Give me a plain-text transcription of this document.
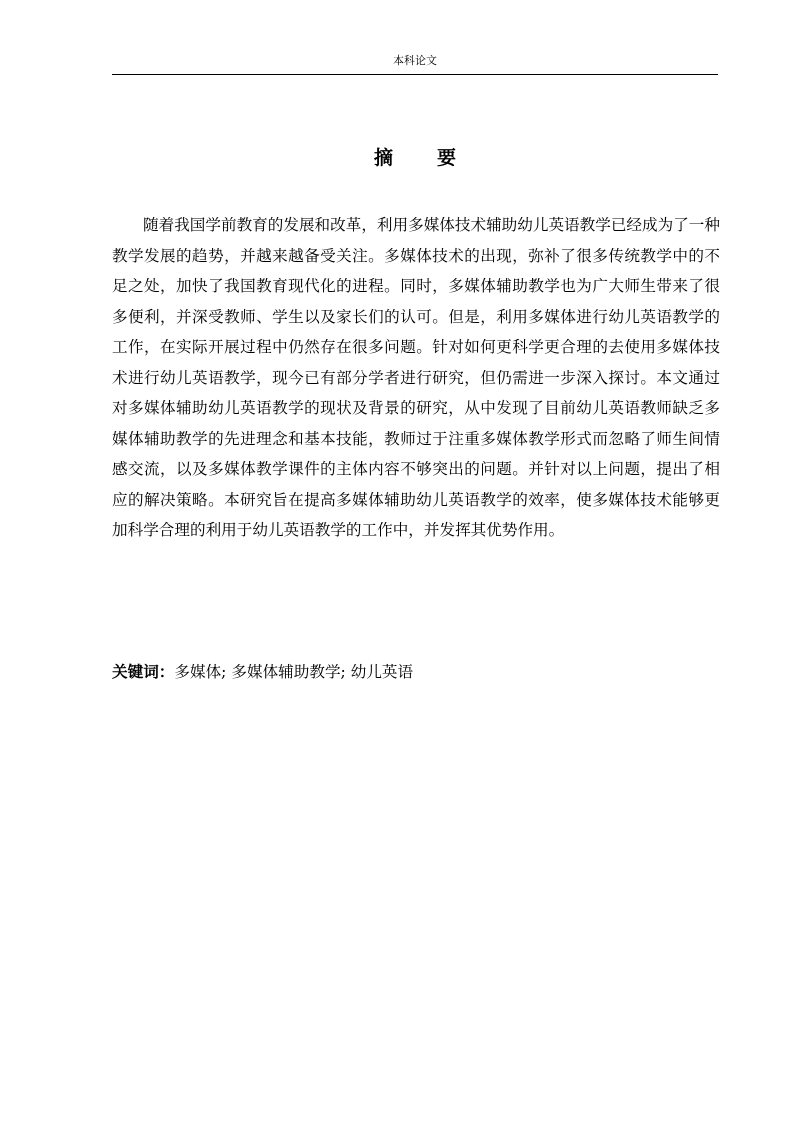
本科论文
摘 要

随着我国学前教育的发展和改革，利用多媒体技术辅助幼儿英语教学已经成为了一种教学发展的趋势，并越来越备受关注。多媒体技术的出现，弥补了很多传统教学中的不足之处，加快了我国教育现代化的进程。同时，多媒体辅助教学也为广大师生带来了很多便利，并深受教师、学生以及家长们的认可。但是，利用多媒体进行幼儿英语教学的工作，在实际开展过程中仍然存在很多问题。针对如何更科学更合理的去使用多媒体技术进行幼儿英语教学，现今已有部分学者进行研究，但仍需进一步深入探讨。本文通过对多媒体辅助幼儿英语教学的现状及背景的研究，从中发现了目前幼儿英语教师缺乏多媒体辅助教学的先进理念和基本技能，教师过于注重多媒体教学形式而忽略了师生间情感交流，以及多媒体教学课件的主体内容不够突出的问题。并针对以上问题，提出了相应的解决策略。本研究旨在提高多媒体辅助幼儿英语教学的效率，使多媒体技术能够更加科学合理的利用于幼儿英语教学的工作中，并发挥其优势作用。

关键词：多媒体; 多媒体辅助教学; 幼儿英语
